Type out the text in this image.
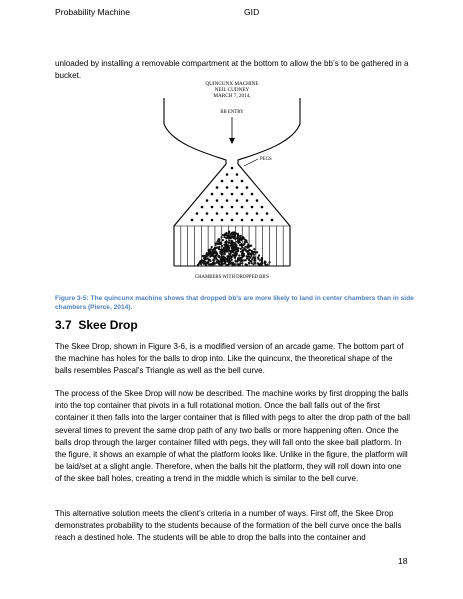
Probability Machine	GID

unloaded by installing a removable compartment at the bottom to allow the bb’s to be gathered in a bucket.

QUINCUNX MACHINE
NEIL CUDNEY
MARCH 7, 2014,
BB ENTRY
PEGS
CHAMBERS WITH DROPPED BB'S

Figure 3-5: The quincunx machine shows that dropped bb's are more likely to land in center chambers than in side chambers (Pierce, 2014).

3.7 Skee Drop

The Skee Drop, shown in Figure 3-6, is a modified version of an arcade game. The bottom part of the machine has holes for the balls to drop into. Like the quincunx, the theoretical shape of the balls resembles Pascal’s Triangle as well as the bell curve.

The process of the Skee Drop will now be described. The machine works by first dropping the balls into the top container that pivots in a full rotational motion. Once the ball falls out of the first container it then falls into the larger container that is filled with pegs to alter the drop path of the ball several times to prevent the same drop path of any two balls or more happening often. Once the balls drop through the larger container filled with pegs, they will fall onto the skee ball platform. In the figure, it shows an example of what the platform looks like. Unlike in the figure, the platform will be laid/set at a slight angle. Therefore, when the balls hit the platform, they will roll down into one of the skee ball holes, creating a trend in the middle which is similar to the bell curve.

This alternative solution meets the client’s criteria in a number of ways. First off, the Skee Drop demonstrates probability to the students because of the formation of the bell curve once the balls reach a destined hole. The students will be able to drop the balls into the container and

18
